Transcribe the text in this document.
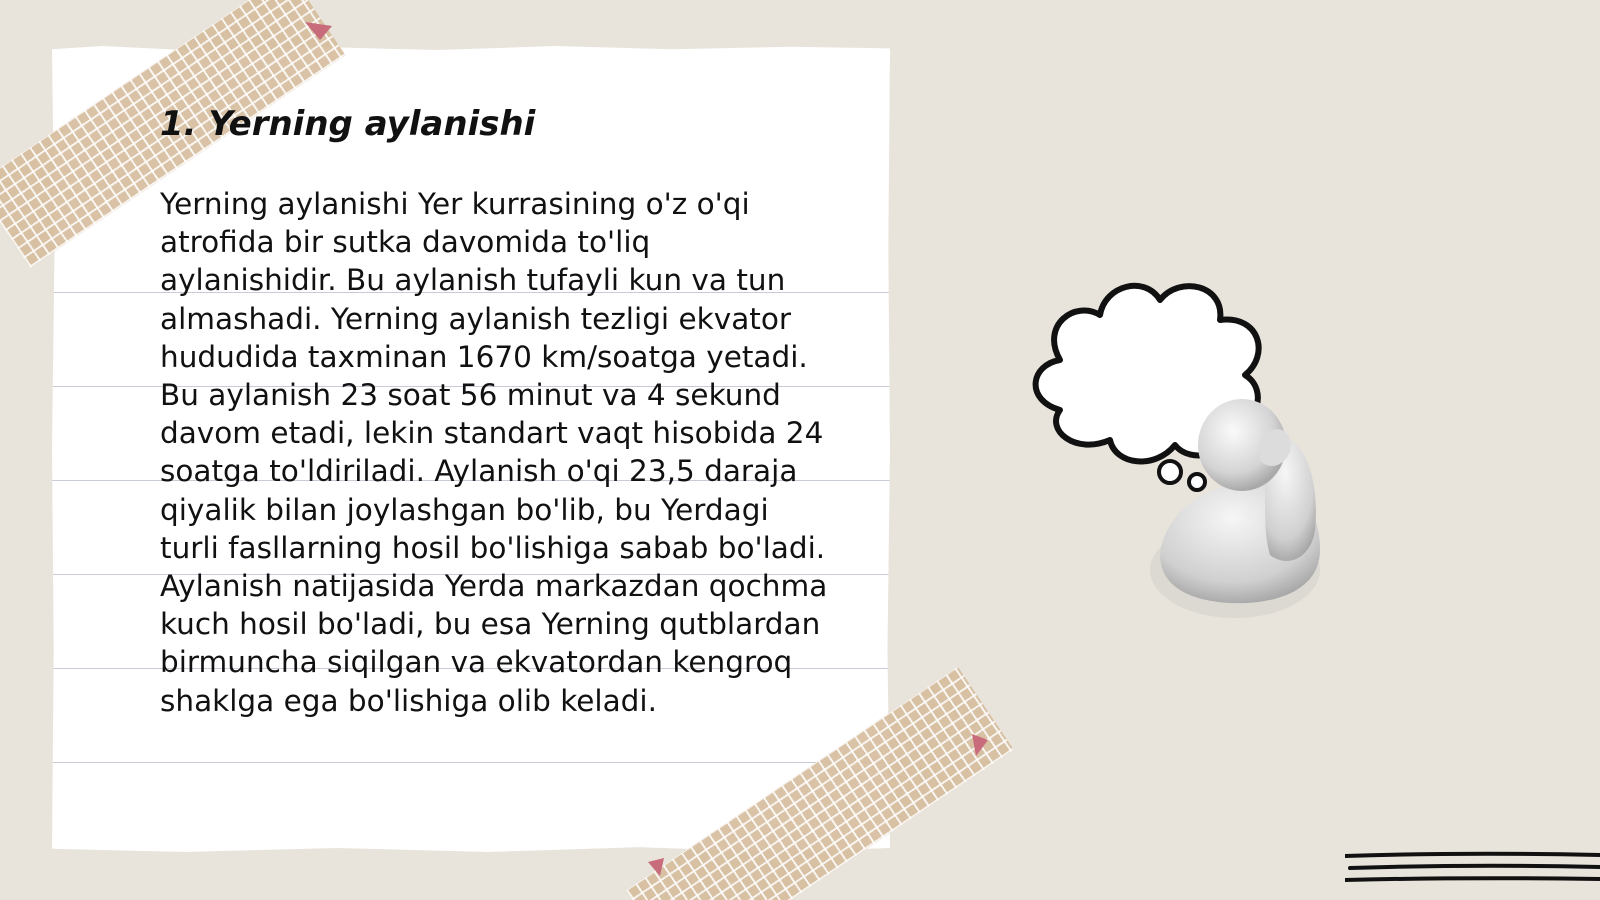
1. Yerning aylanishi
Yerning aylanishi Yer kurrasining o'z o'qi
atrofida bir sutka davomida to'liq
aylanishidir. Bu aylanish tufayli kun va tun
almashadi. Yerning aylanish tezligi ekvator
hududida taxminan 1670 km/soatga yetadi.
Bu aylanish 23 soat 56 minut va 4 sekund
davom etadi, lekin standart vaqt hisobida 24
soatga to'ldiriladi. Aylanish o'qi 23,5 daraja
qiyalik bilan joylashgan bo'lib, bu Yerdagi
turli fasllarning hosil bo'lishiga sabab bo'ladi.
Aylanish natijasida Yerda markazdan qochma
kuch hosil bo'ladi, bu esa Yerning qutblardan
birmuncha siqilgan va ekvatordan kengroq
shaklga ega bo'lishiga olib keladi.
